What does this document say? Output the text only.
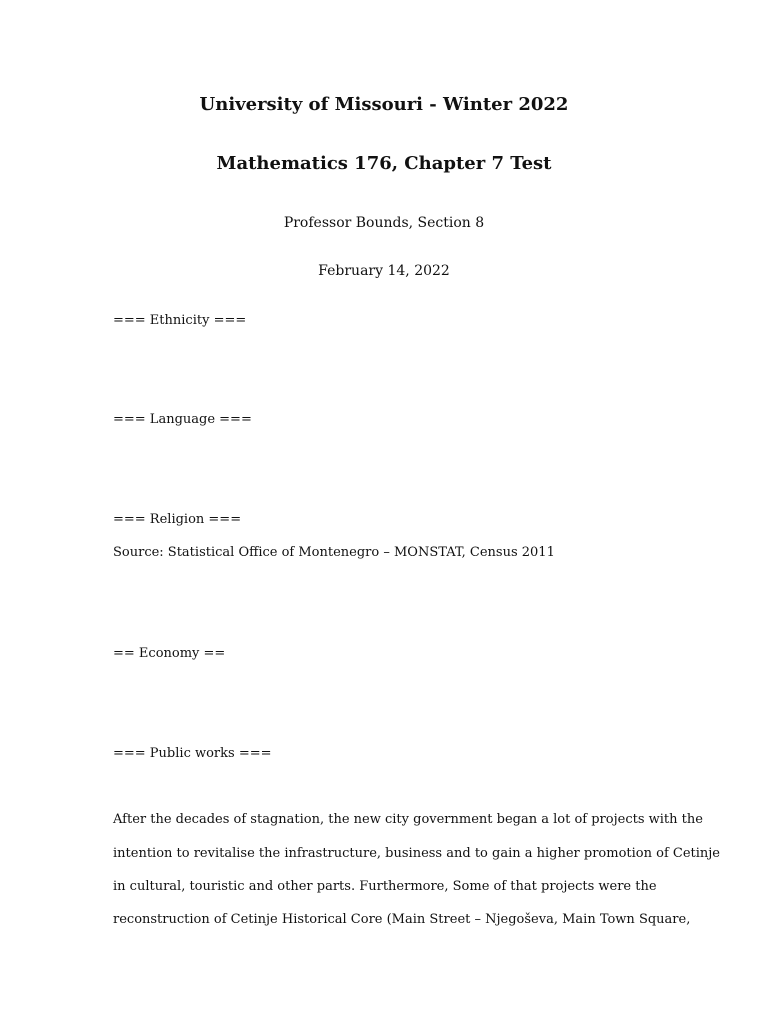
University of Missouri - Winter 2022
Mathematics 176, Chapter 7 Test

Professor Bounds, Section 8

February 14, 2022

=== Ethnicity ===

=== Language ===

=== Religion ===

Source: Statistical Office of Montenegro – MONSTAT, Census 2011

== Economy ==

=== Public works ===

After the decades of stagnation, the new city government began a lot of projects with the

intention to revitalise the infrastructure, business and to gain a higher promotion of Cetinje

in cultural, touristic and other parts. Furthermore, Some of that projects were the

reconstruction of Cetinje Historical Core (Main Street – Njegoševa, Main Town Square,
